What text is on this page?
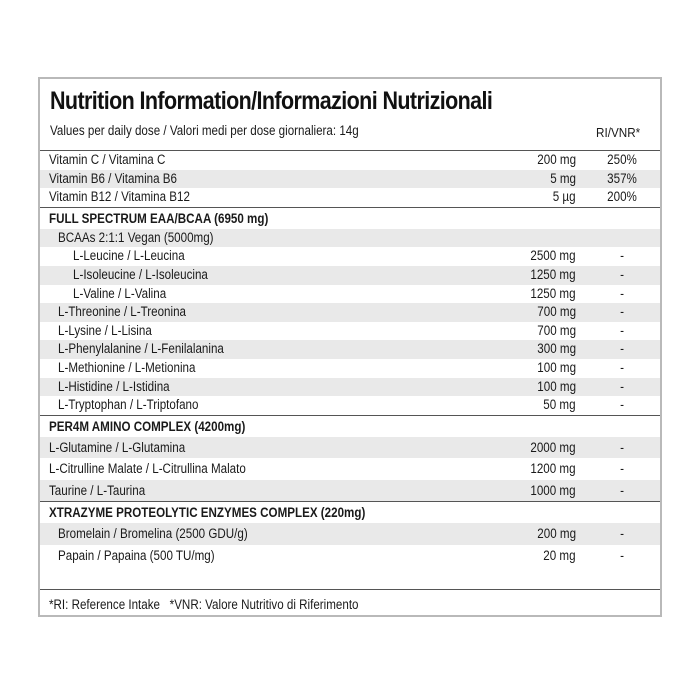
Nutrition Information/Informazioni Nutrizionali
Values per daily dose / Valori medi per dose giornaliera: 14g	RI/VNR*
Vitamin C / Vitamina C	200 mg 250%
Vitamin B6 / Vitamina B6	5 mg 357%
Vitamin B12 / Vitamina B12	5 µg 200%
FULL SPECTRUM EAA/BCAA (6950 mg)
BCAAs 2:1:1 Vegan (5000mg)
L-Leucine / L-Leucina	2500 mg	-
L-Isoleucine / L-Isoleucina	1250 mg	-
L-Valine / L-Valina	1250 mg	-
L-Threonine / L-Treonina	700 mg	-
L-Lysine / L-Lisina	700 mg	-
L-Phenylalanine / L-Fenilalanina	300 mg	-
L-Methionine / L-Metionina	100 mg	-
L-Histidine / L-Istidina	100 mg	-
L-Tryptophan / L-Triptofano	50 mg	-
PER4M AMINO COMPLEX (4200mg)
L-Glutamine / L-Glutamina	2000 mg	-
L-Citrulline Malate / L-Citrullina Malato	1200 mg	-
Taurine / L-Taurina	1000 mg	-
XTRAZYME PROTEOLYTIC ENZYMES COMPLEX (220mg)
Bromelain / Bromelina (2500 GDU/g)	200 mg	-
Papain / Papaina (500 TU/mg)	20 mg	-
*RI: Reference Intake   *VNR: Valore Nutritivo di Riferimento
